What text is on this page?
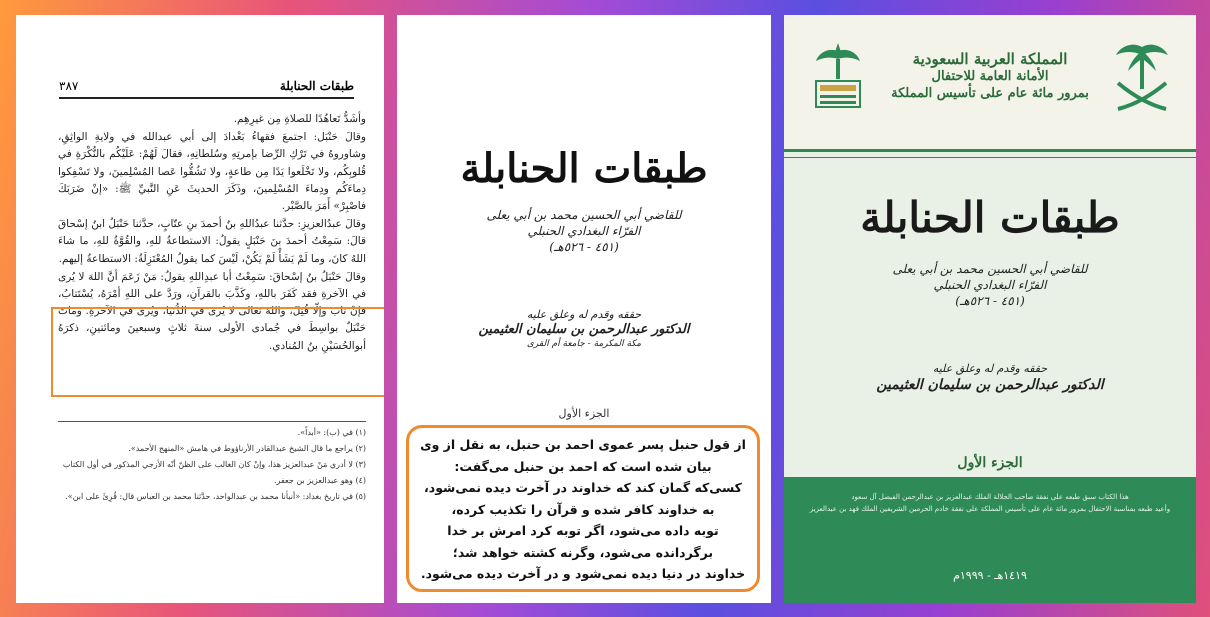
٣٨٧	طبقات الحنابلة

وأشَدُّ تَعاهُدًا للصلاةِ مِن غيرِهِم.

وقالَ حَنْبَل: اجتمعَ فقهاءُ بَغْدادَ إلى أبي عبدالله في ولايةِ الواثِقِ، وشاوروهُ في تَرْكِ الرِّضا بإمرتِهِ وسُلطانِهِ، فقالَ لَهُمْ: عَلَيْكُم بالنُّكْرَةِ في قُلوبِكُم، ولا تَخْلَعوا يَدًا مِن طاعةٍ، ولا تَشُقُّوا عَصا المُسْلِمينَ، ولا تَسْفِكوا دِماءَكُم ودِماءَ المُسْلِمينَ، وذَكَرَ الحديثَ عَنِ النَّبيِّ ﷺ: «إنْ ضَرَبَكَ فاصْبِرْ» أَمَرَ بالصَّبْر.

وقالَ عبدُالعزيزِ: حدَّثنا عبدُاللهِ بنُ أحمدَ بنِ عتّابٍ، حدَّثنا حَنْبَلُ ابنُ إسْحاقَ قالَ: سَمِعْتُ أحمدَ بنَ حَنْبَلٍ يقولُ: الاستطاعةُ للهِ، والقُوَّةُ للهِ، ما شاءَ اللهُ كانَ، وما لَمْ يَشَأْ لَمْ يَكُنْ، لَيْسَ كما يقولُ المُعْتَزِلَةُ: الاستطاعةُ إليهم.

وقالَ حَنْبَلُ بنُ إسْحاقَ: سَمِعْتُ أبا عبدِاللهِ يقولُ: مَنْ زَعَمَ أنَّ اللهَ لا يُرى في الآخرةِ فقد كَفَرَ باللهِ، وكَذَّبَ بالقرآنِ، ورَدَّ على اللهِ أمْرَهُ، يُسْتَتابُ، فإنْ تابَ وإلّا قُتِلَ، واللهُ تعالى لا يُرى في الدُّنيا، ويُرى في الآخرةِ. وماتَ حَنْبَلٌ بواسِطَ في جُمادى الأولى سنةَ ثلاثٍ وسبعينَ ومائتينِ، ذكرَهُ أبوالحُسَيْنِ بنُ المُنادي.

(١) في (ب): «أبداً».
(٢) يراجع ما قال الشيخ عبدالقادر الأرناؤوط في هامش «المنهج الأحمد».
(٣) لا أدري مَنْ عبدالعزيز هذا، وإنْ كان الغالب على الظنّ أنّه الأزجي المذكور في أول الكتاب
(٤) وهو عبدالعزيز بن جعفر.
(٥) في تاريخ بغداد: «أنبأنا محمد بن عبدالواحد، حدَّثنا محمد بن العباس قال: قُرِئَ على ابن».
طبقات الحنابلة
للقاضي أبي الحسين محمد بن أبي يعلى
الفرّاء البغدادي الحنبلي
(٤٥١ - ٥٢٦هـ)
حققه وقدم له وعلق عليه
الدكتور عبدالرحمن بن سليمان العثيمين
مكة المكرمة - جامعة أم القرى
الجزء الأول
از قول حنبل پسر عموی احمد بن حنبل، به نقل از وی
بیان شده است که احمد بن حنبل می‌گفت:
کسی‌که گمان کند که خداوند در آخرت دیده نمی‌شود،
به خداوند کافر شده و قرآن را تکذیب کرده،
توبه داده می‌شود، اگر توبه کرد امرش بر خدا
برگردانده می‌شود، وگرنه کشته خواهد شد؛
خداوند در دنیا دیده نمی‌شود و در آخرت دیده می‌شود.
المملكة العربية السعودية
الأمانة العامة للاحتفال
بمرور مائة عام على تأسيس المملكة
طبقات الحنابلة
للقاضي أبي الحسين محمد بن أبي يعلى
الفرّاء البغدادي الحنبلي
(٤٥١ - ٥٢٦هـ)
حققه وقدم له وعلق عليه
الدكتور عبدالرحمن بن سليمان العثيمين
الجزء الأول
هذا الكتاب سبق طبعه على نفقة صاحب الجلالة الملك عبدالعزيز بن عبدالرحمن الفيصل آل سعود
وأعيد طبعه بمناسبة الاحتفال بمرور مائة عام على تأسيس المملكة على نفقة خادم الحرمين الشريفين الملك فهد بن عبدالعزيز
١٤١٩هـ - ١٩٩٩م
